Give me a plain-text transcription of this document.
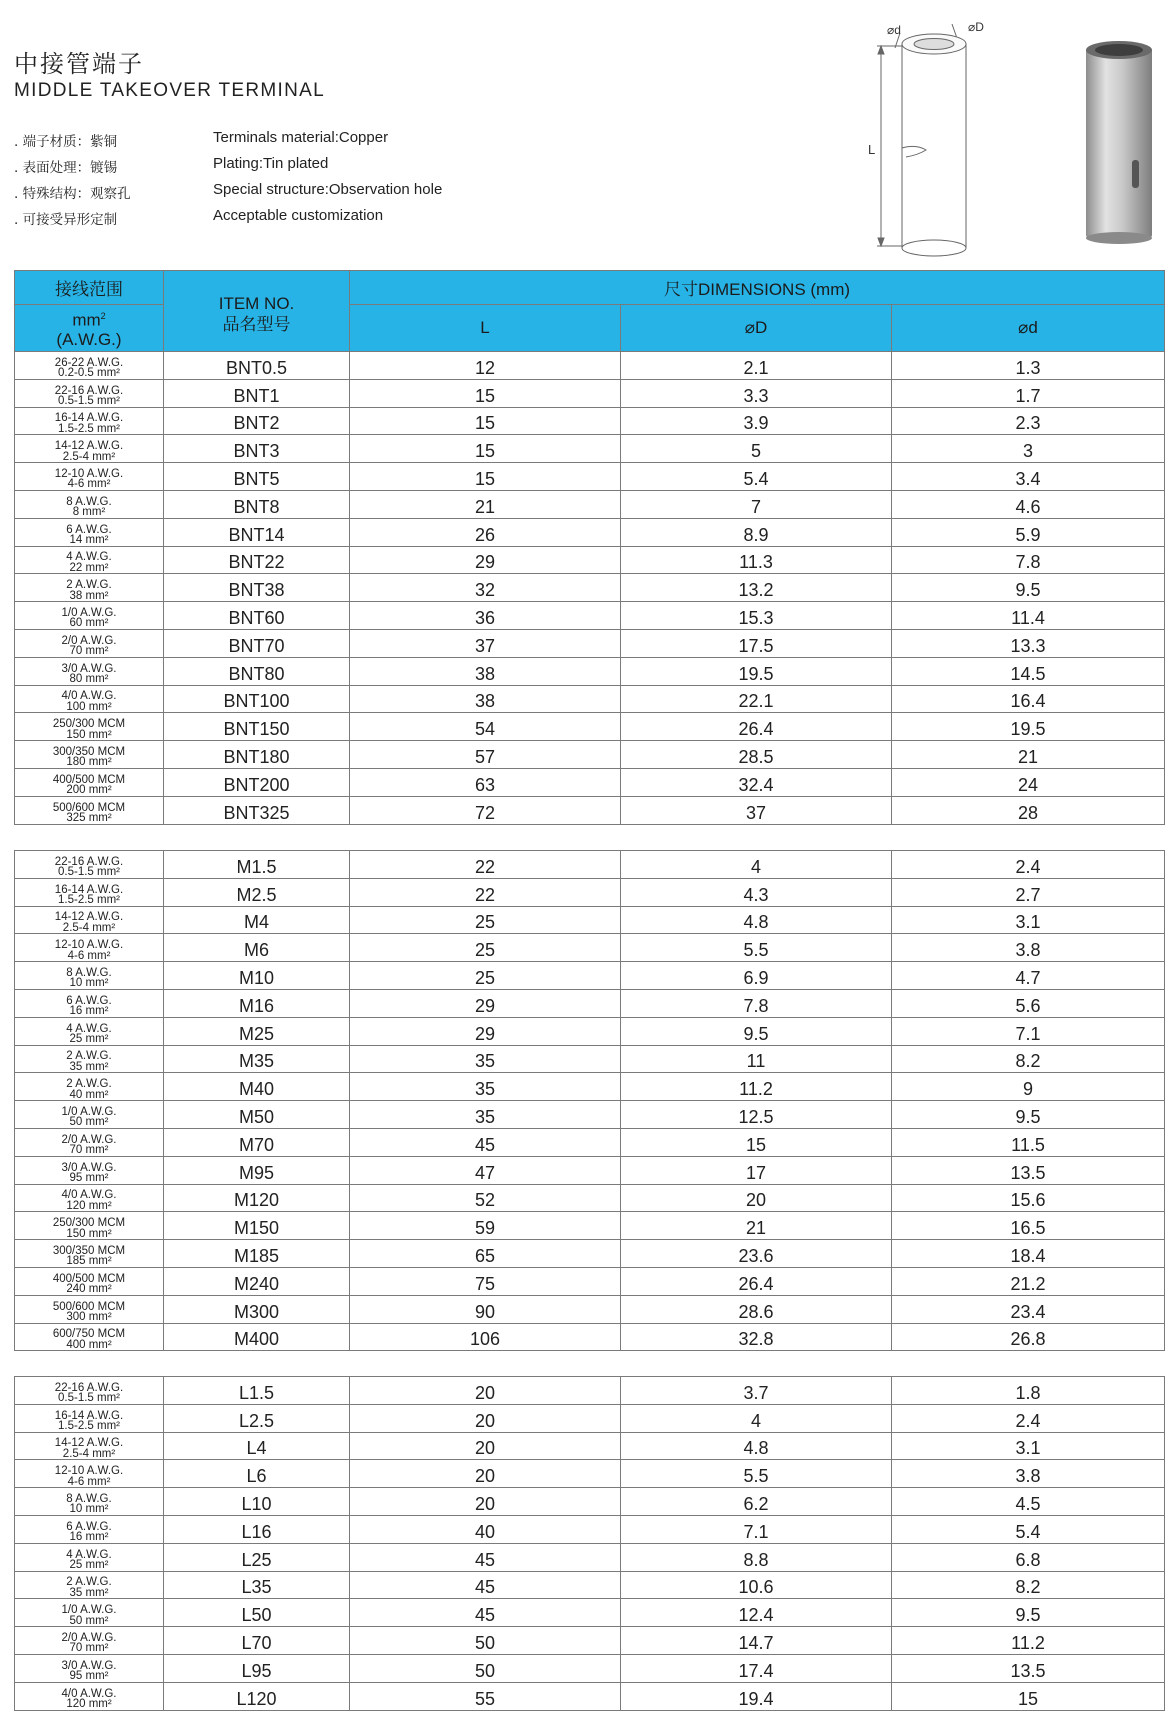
中接管端子
MIDDLE TAKEOVER TERMINAL
. 端子材质：紫铜	Terminals material:Copper
. 表面处理：镀锡	Plating:Tin plated
. 特殊结构：观察孔	Special structure:Observation hole
. 可接受异形定制	Acceptable customization
⌀d	⌀D
L
接线范围	ITEM NO.
品名型号	尺寸DIMENSIONS (mm)		
$mm^2$
(A.W.G.)		L	⌀D	⌀d

26-22 A.W.G.
0.2-0.5 mm²	BNT0.5	12	2.1	1.3

22-16 A.W.G.
0.5-1.5 mm²	BNT1	15	3.3	1.7

16-14 A.W.G.
1.5-2.5 mm²	BNT2	15	3.9	2.3

14-12 A.W.G.
2.5-4 mm²	BNT3	15	5	3

12-10 A.W.G.
4-6 mm²	BNT5	15	5.4	3.4

8 A.W.G.
8 mm²	BNT8	21	7	4.6

6 A.W.G.
14 mm²	BNT14	26	8.9	5.9

4 A.W.G.
22 mm²	BNT22	29	11.3	7.8

2 A.W.G.
38 mm²	BNT38	32	13.2	9.5

1/0 A.W.G.
60 mm²	BNT60	36	15.3	11.4

2/0 A.W.G.
70 mm²	BNT70	37	17.5	13.3

3/0 A.W.G.
80 mm²	BNT80	38	19.5	14.5

4/0 A.W.G.
100 mm²	BNT100	38	22.1	16.4

250/300 MCM
150 mm²	BNT150	54	26.4	19.5

300/350 MCM
180 mm²	BNT180	57	28.5	21

400/500 MCM
200 mm²	BNT200	63	32.4	24

500/600 MCM
325 mm²	BNT325	72	37	28
22-16 A.W.G.
0.5-1.5 mm²	M1.5	22	4	2.4

16-14 A.W.G.
1.5-2.5 mm²	M2.5	22	4.3	2.7

14-12 A.W.G.
2.5-4 mm²	M4	25	4.8	3.1

12-10 A.W.G.
4-6 mm²	M6	25	5.5	3.8

8 A.W.G.
10 mm²	M10	25	6.9	4.7

6 A.W.G.
16 mm²	M16	29	7.8	5.6

4 A.W.G.
25 mm²	M25	29	9.5	7.1

2 A.W.G.
35 mm²	M35	35	11	8.2

2 A.W.G.
40 mm²	M40	35	11.2	9

1/0 A.W.G.
50 mm²	M50	35	12.5	9.5

2/0 A.W.G.
70 mm²	M70	45	15	11.5

3/0 A.W.G.
95 mm²	M95	47	17	13.5

4/0 A.W.G.
120 mm²	M120	52	20	15.6

250/300 MCM
150 mm²	M150	59	21	16.5

300/350 MCM
185 mm²	M185	65	23.6	18.4

400/500 MCM
240 mm²	M240	75	26.4	21.2

500/600 MCM
300 mm²	M300	90	28.6	23.4

600/750 MCM
400 mm²	M400	106	32.8	26.8
22-16 A.W.G.
0.5-1.5 mm²	L1.5	20	3.7	1.8

16-14 A.W.G.
1.5-2.5 mm²	L2.5	20	4	2.4

14-12 A.W.G.
2.5-4 mm²	L4	20	4.8	3.1

12-10 A.W.G.
4-6 mm²	L6	20	5.5	3.8

8 A.W.G.
10 mm²	L10	20	6.2	4.5

6 A.W.G.
16 mm²	L16	40	7.1	5.4

4 A.W.G.
25 mm²	L25	45	8.8	6.8

2 A.W.G.
35 mm²	L35	45	10.6	8.2

1/0 A.W.G.
50 mm²	L50	45	12.4	9.5

2/0 A.W.G.
70 mm²	L70	50	14.7	11.2

3/0 A.W.G.
95 mm²	L95	50	17.4	13.5

4/0 A.W.G.
120 mm²	L120	55	19.4	15
